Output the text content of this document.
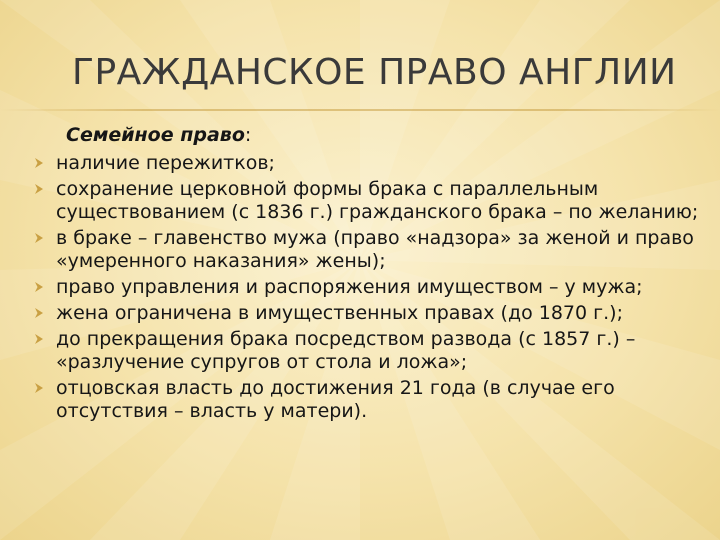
ГРАЖДАНСКОЕ ПРАВО АНГЛИИ
Семейное право:
наличие пережитков;
сохранение церковной формы брака с параллельным существованием (с 1836 г.) гражданского брака – по желанию;
в браке – главенство мужа (право «надзора» за женой и право «умеренного наказания» жены);
право управления и распоряжения имуществом – у мужа;
жена ограничена в имущественных правах (до 1870 г.);
до прекращения брака посредством развода (с 1857 г.) – «разлучение супругов от стола и ложа»;
отцовская власть до достижения 21 года (в случае его отсутствия – власть у матери).
